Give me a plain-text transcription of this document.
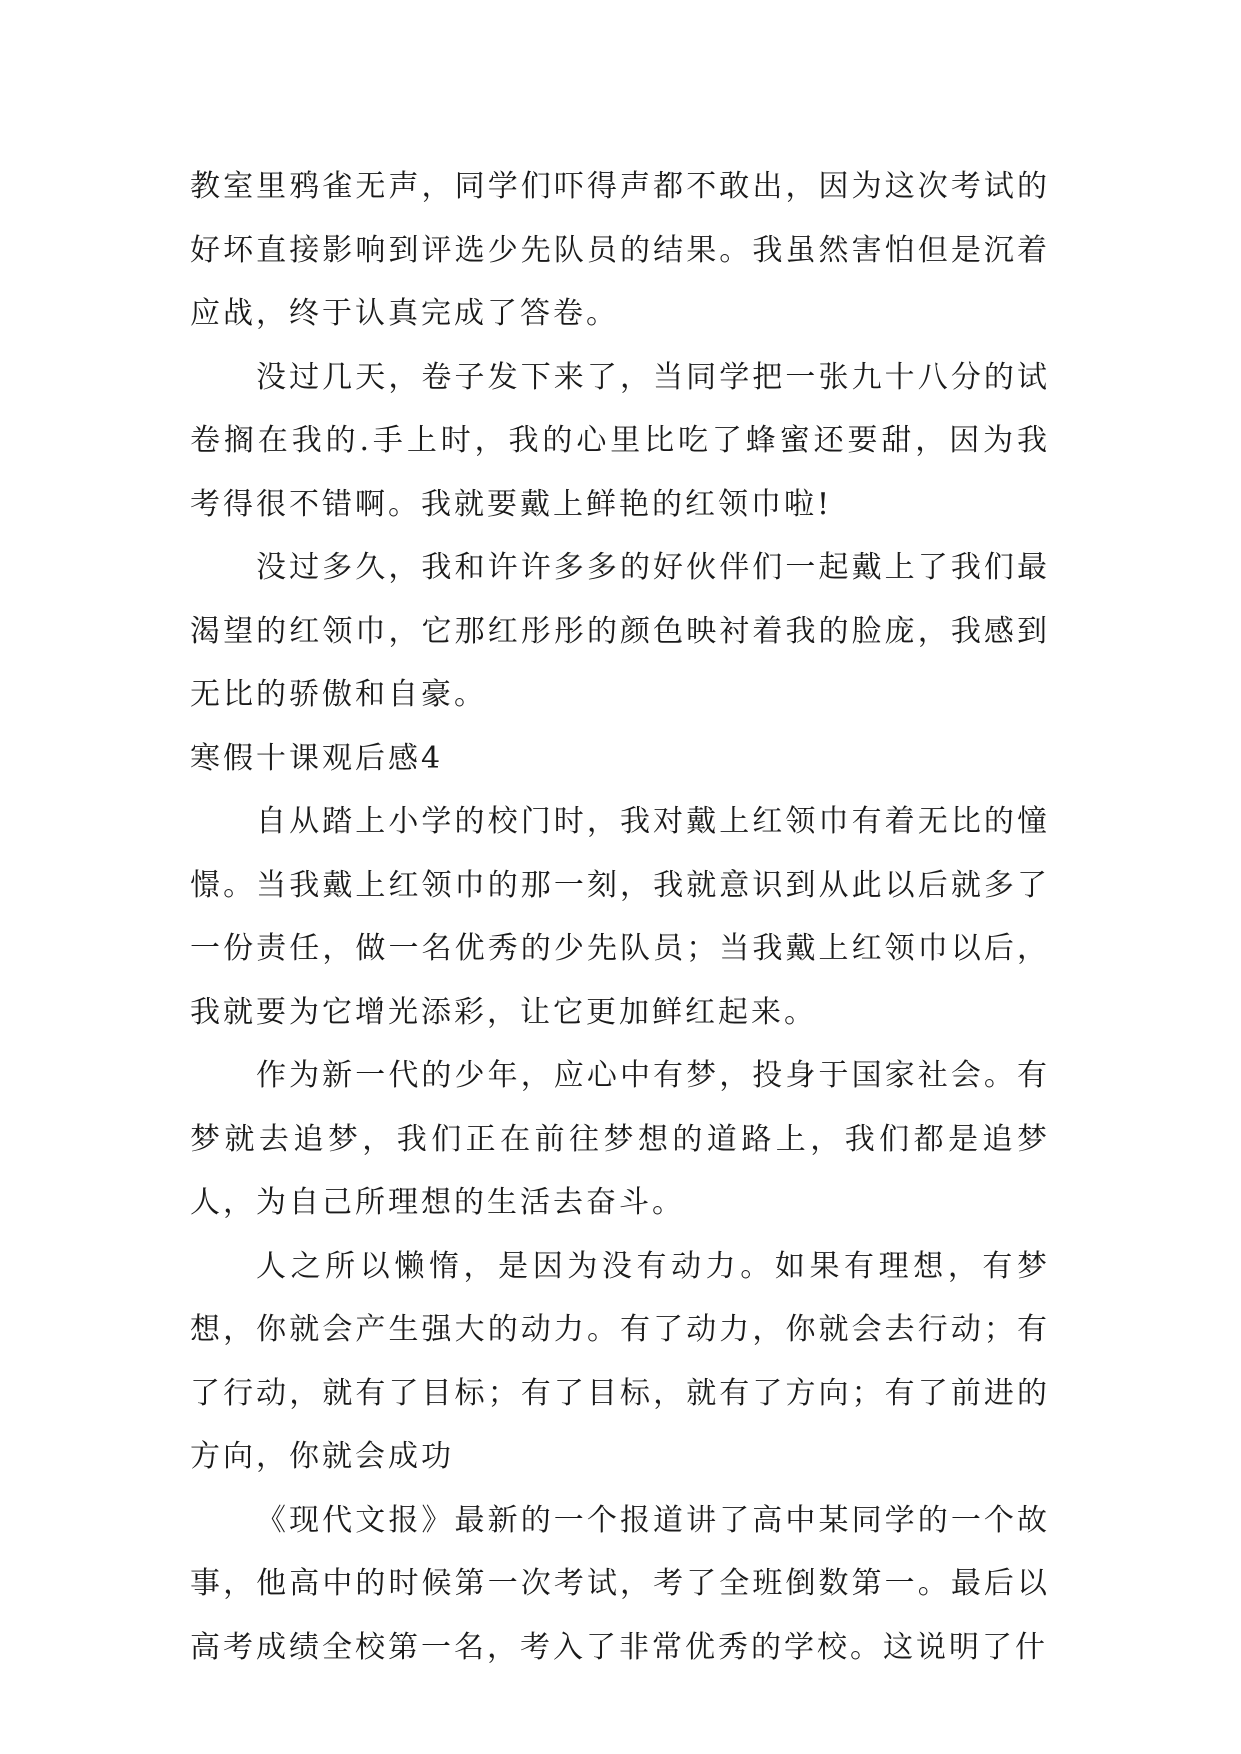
教室里鸦雀无声，同学们吓得声都不敢出，因为这次考试的好坏直接影响到评选少先队员的结果。我虽然害怕但是沉着应战，终于认真完成了答卷。

没过几天，卷子发下来了，当同学把一张九十八分的试卷搁在我的.手上时，我的心里比吃了蜂蜜还要甜，因为我考得很不错啊。我就要戴上鲜艳的红领巾啦!

没过多久，我和许许多多的好伙伴们一起戴上了我们最渴望的红领巾，它那红彤彤的颜色映衬着我的脸庞，我感到无比的骄傲和自豪。

寒假十课观后感4

自从踏上小学的校门时，我对戴上红领巾有着无比的憧憬。当我戴上红领巾的那一刻，我就意识到从此以后就多了一份责任，做一名优秀的少先队员；当我戴上红领巾以后，我就要为它增光添彩，让它更加鲜红起来。

作为新一代的少年，应心中有梦，投身于国家社会。有梦就去追梦，我们正在前往梦想的道路上，我们都是追梦人，为自己所理想的生活去奋斗。

人之所以懒惰，是因为没有动力。如果有理想，有梦想，你就会产生强大的动力。有了动力，你就会去行动；有了行动，就有了目标；有了目标，就有了方向；有了前进的方向，你就会成功

《现代文报》最新的一个报道讲了高中某同学的一个故事，他高中的时候第一次考试，考了全班倒数第一。最后以高考成绩全校第一名，考入了非常优秀的学校。这说明了什
